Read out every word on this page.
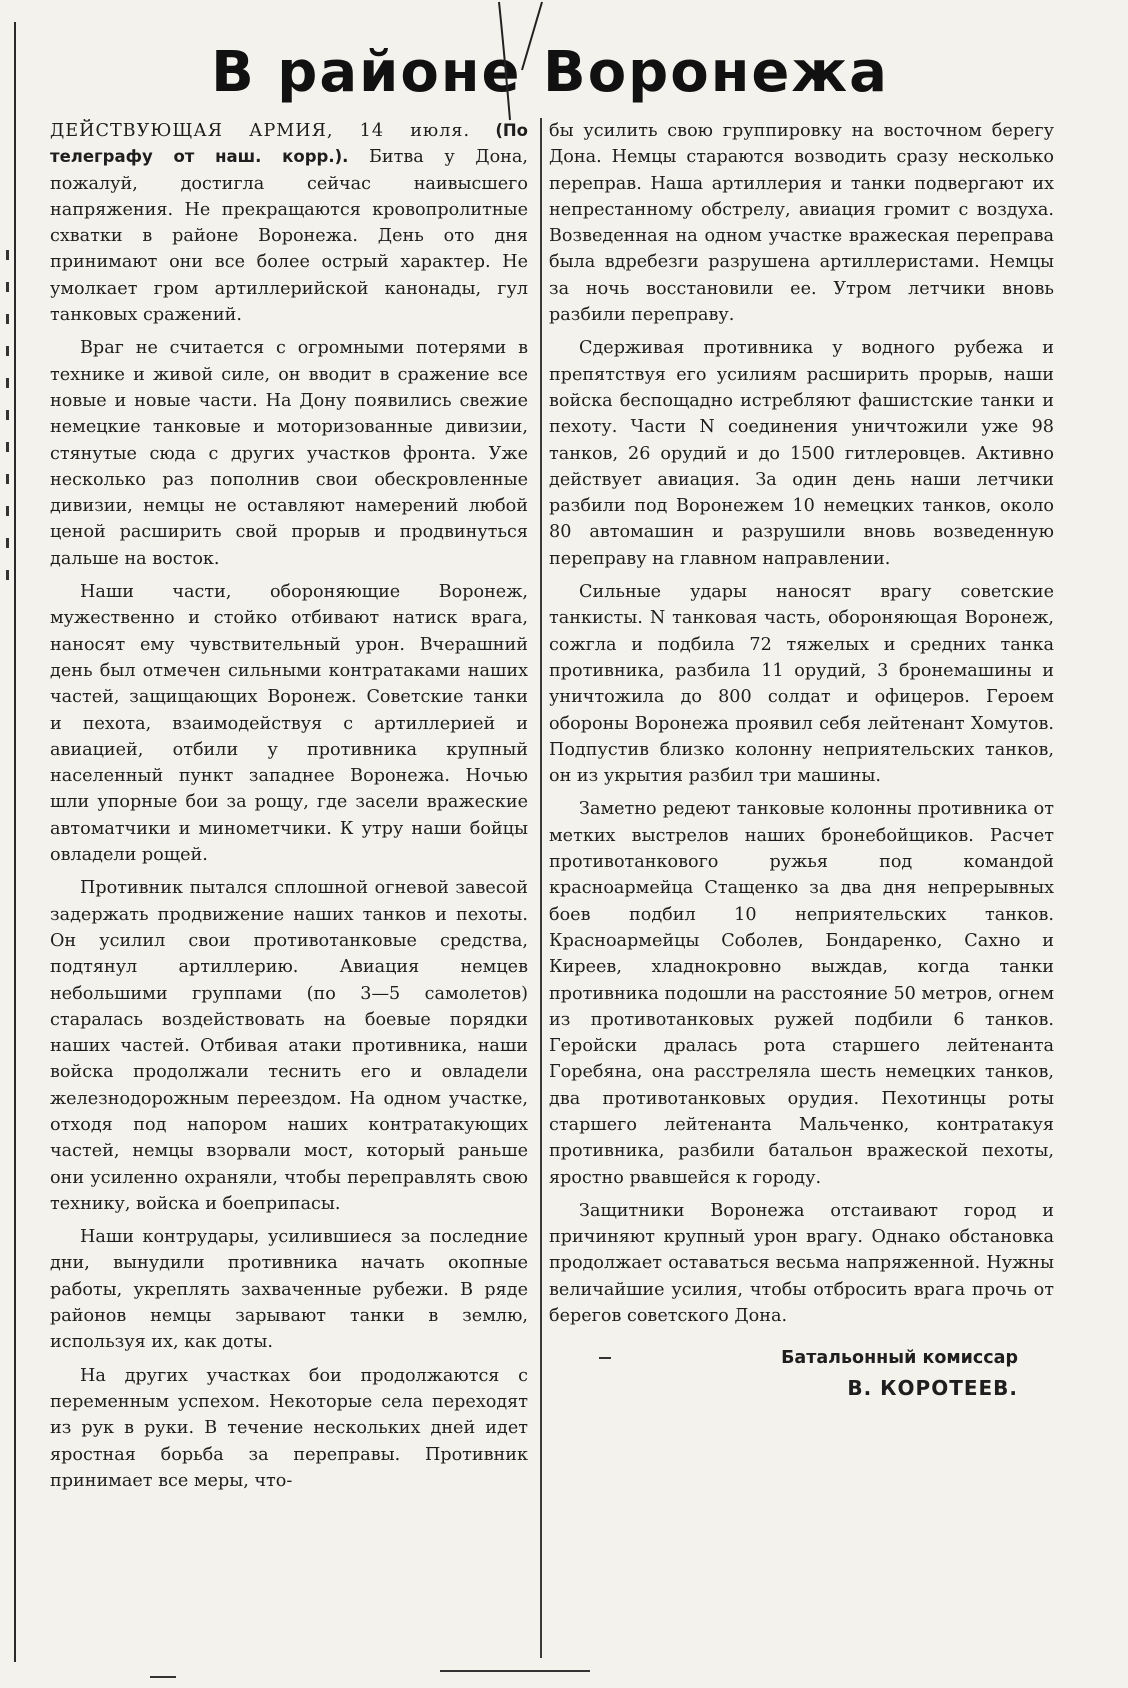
В районе Воронежа

ДЕЙСТВУЮЩАЯ АРМИЯ, 14 июля. (По телеграфу от наш. корр.). Битва у Дона, пожалуй, достигла сейчас наивысшего напряжения. Не прекращаются кровопролитные схватки в районе Воронежа. День ото дня принимают они все более острый характер. Не умолкает гром артиллерийской канонады, гул танковых сражений.

Враг не считается с огромными потерями в технике и живой силе, он вводит в сражение все новые и новые части. На Дону появились свежие немецкие танковые и моторизованные дивизии, стянутые сюда с других участков фронта. Уже несколько раз пополнив свои обескровленные дивизии, немцы не оставляют намерений любой ценой расширить свой прорыв и продвинуться дальше на восток.

Наши части, обороняющие Воронеж, мужественно и стойко отбивают натиск врага, наносят ему чувствительный урон. Вчерашний день был отмечен сильными контратаками наших частей, защищающих Воронеж. Советские танки и пехота, взаимодействуя с артиллерией и авиацией, отбили у противника крупный населенный пункт западнее Воронежа. Ночью шли упорные бои за рощу, где засели вражеские автоматчики и минометчики. К утру наши бойцы овладели рощей.

Противник пытался сплошной огневой завесой задержать продвижение наших танков и пехоты. Он усилил свои противотанковые средства, подтянул артиллерию. Авиация немцев небольшими группами (по 3—5 самолетов) старалась воздействовать на боевые порядки наших частей. Отбивая атаки противника, наши войска продолжали теснить его и овладели железнодорожным переездом. На одном участке, отходя под напором наших контратакующих частей, немцы взорвали мост, который раньше они усиленно охраняли, чтобы переправлять свою технику, войска и боеприпасы.

Наши контрудары, усилившиеся за последние дни, вынудили противника начать окопные работы, укреплять захваченные рубежи. В ряде районов немцы зарывают танки в землю, используя их, как доты.

На других участках бои продолжаются с переменным успехом. Некоторые села переходят из рук в руки. В течение нескольких дней идет яростная борьба за переправы. Противник принимает все меры, что-

бы усилить свою группировку на восточном берегу Дона. Немцы стараются возводить сразу несколько переправ. Наша артиллерия и танки подвергают их непрестанному обстрелу, авиация громит с воздуха. Возведенная на одном участке вражеская переправа была вдребезги разрушена артиллеристами. Немцы за ночь восстановили ее. Утром летчики вновь разбили переправу.

Сдерживая противника у водного рубежа и препятствуя его усилиям расширить прорыв, наши войска беспощадно истребляют фашистские танки и пехоту. Части N соединения уничтожили уже 98 танков, 26 орудий и до 1500 гитлеровцев. Активно действует авиация. За один день наши летчики разбили под Воронежем 10 немецких танков, около 80 автомашин и разрушили вновь возведенную переправу на главном направлении.

Сильные удары наносят врагу советские танкисты. N танковая часть, обороняющая Воронеж, сожгла и подбила 72 тяжелых и средних танка противника, разбила 11 орудий, 3 бронемашины и уничтожила до 800 солдат и офицеров. Героем обороны Воронежа проявил себя лейтенант Хомутов. Подпустив близко колонну неприятельских танков, он из укрытия разбил три машины.

Заметно редеют танковые колонны противника от метких выстрелов наших бронебойщиков. Расчет противотанкового ружья под командой красноармейца Стащенко за два дня непрерывных боев подбил 10 неприятельских танков. Красноармейцы Соболев, Бондаренко, Сахно и Киреев, хладнокровно выждав, когда танки противника подошли на расстояние 50 метров, огнем из противотанковых ружей подбили 6 танков. Геройски дралась рота старшего лейтенанта Горебяна, она расстреляла шесть немецких танков, два противотанковых орудия. Пехотинцы роты старшего лейтенанта Мальченко, контратакуя противника, разбили батальон вражеской пехоты, яростно рвавшейся к городу.

Защитники Воронежа отстаивают город и причиняют крупный урон врагу. Однако обстановка продолжает оставаться весьма напряженной. Нужны величайшие усилия, чтобы отбросить врага прочь от берегов советского Дона.

Батальонный комиссар
В. КОРОТЕЕВ.
